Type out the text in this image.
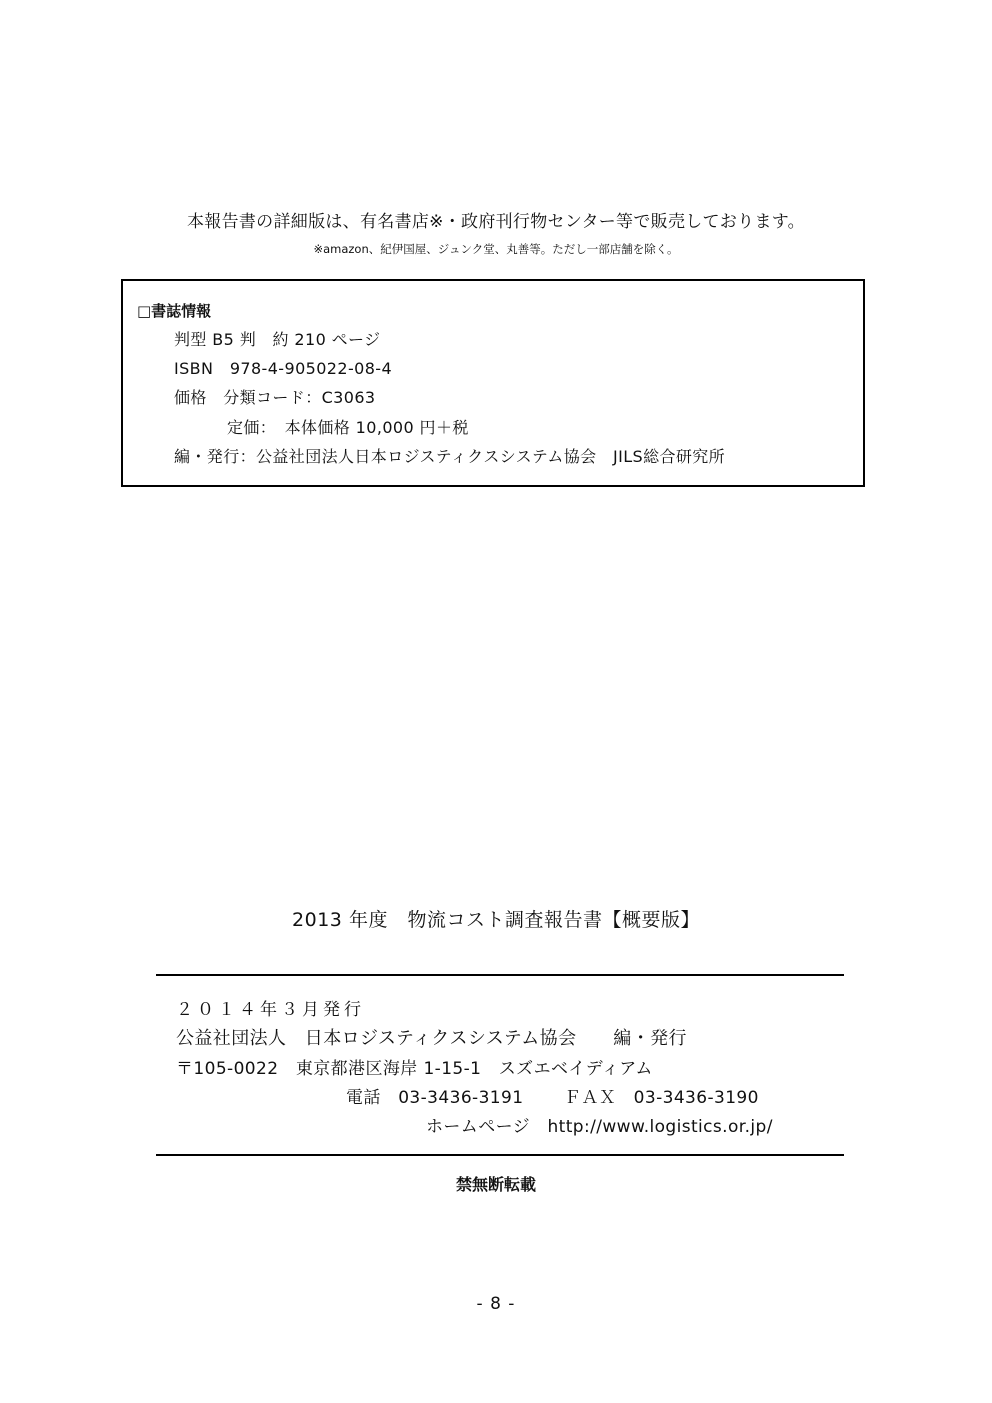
本報告書の詳細版は、有名書店※・政府刊行物センター等で販売しております。
※amazon、紀伊国屋、ジュンク堂、丸善等。ただし一部店舗を除く。
□書誌情報
判型 B5 判　約 210 ページ
ISBN　978-4-905022-08-4
価格　分類コード：C3063
定価：　本体価格 10,000 円＋税
編・発行：公益社団法人日本ロジスティクスシステム協会　JILS総合研究所
2013 年度　物流コスト調査報告書【概要版】
２０１４年３月発行
公益社団法人　日本ロジスティクスシステム協会　　編・発行
〒105-0022　東京都港区海岸 1-15-1　スズエベイディアム
電話　03-3436-3191　　 ＦＡＸ　03-3436-3190
ホームページ　http://www.logistics.or.jp/
禁無断転載
- 8 -
